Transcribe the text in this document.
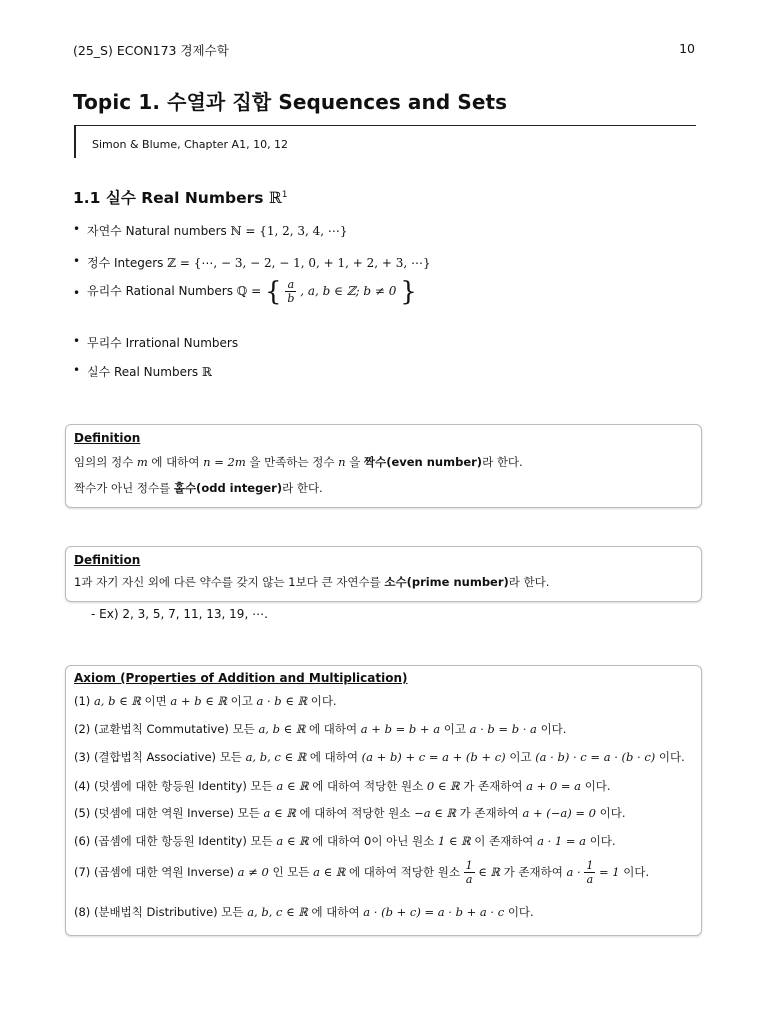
(25_S) ECON173 경제수학	10
Topic 1. 수열과 집합 Sequences and Sets
Simon & Blume, Chapter A1, 10, 12
1.1 실수 Real Numbers ℝ$^1$
• 자연수 Natural numbers ℕ = {1, 2, 3, 4, ⋯}
• 정수 Integers ℤ = {⋯, − 3, − 2, − 1, 0, + 1, + 2, + 3, ⋯}
• 유리수 Rational Numbers ℚ = { $\frac{a}{b}$ , a, b ∈ ℤ; b ≠ 0 }
• 무리수 Irrational Numbers
• 실수 Real Numbers ℝ
Definition
임의의 정수 m 에 대하여 n = 2m 을 만족하는 정수 n 을 짝수(even number)라 한다.
짝수가 아닌 정수를 홀수(odd integer)라 한다.
Definition
1과 자기 자신 외에 다른 약수를 갖지 않는 1보다 큰 자연수를 소수(prime number)라 한다.
- Ex) 2, 3, 5, 7, 11, 13, 19, ⋯.
Axiom (Properties of Addition and Multiplication)
(1) a, b ∈ ℝ 이면 a + b ∈ ℝ 이고 a · b ∈ ℝ 이다.
(2) (교환법칙 Commutative) 모든 a, b ∈ ℝ 에 대하여 a + b = b + a 이고 a · b = b · a 이다.
(3) (결합법칙 Associative) 모든 a, b, c ∈ ℝ 에 대하여 (a + b) + c = a + (b + c) 이고 (a · b) · c = a · (b · c) 이다.
(4) (덧셈에 대한 항등원 Identity) 모든 a ∈ ℝ 에 대하여 적당한 원소 0 ∈ ℝ 가 존재하여 a + 0 = a 이다.
(5) (덧셈에 대한 역원 Inverse) 모든 a ∈ ℝ 에 대하여 적당한 원소 −a ∈ ℝ 가 존재하여 a + (−a) = 0 이다.
(6) (곱셈에 대한 항등원 Identity) 모든 a ∈ ℝ 에 대하여 0이 아닌 원소 1 ∈ ℝ 이 존재하여 a · 1 = a 이다.
(7) (곱셈에 대한 역원 Inverse) a ≠ 0 인 모든 a ∈ ℝ 에 대하여 적당한 원소 $\frac{1}{a}$ ∈ ℝ 가 존재하여 $a \cdot \frac{1}{a} = 1$ 이다.
(8) (분배법칙 Distributive) 모든 a, b, c ∈ ℝ 에 대하여 a · (b + c) = a · b + a · c 이다.
